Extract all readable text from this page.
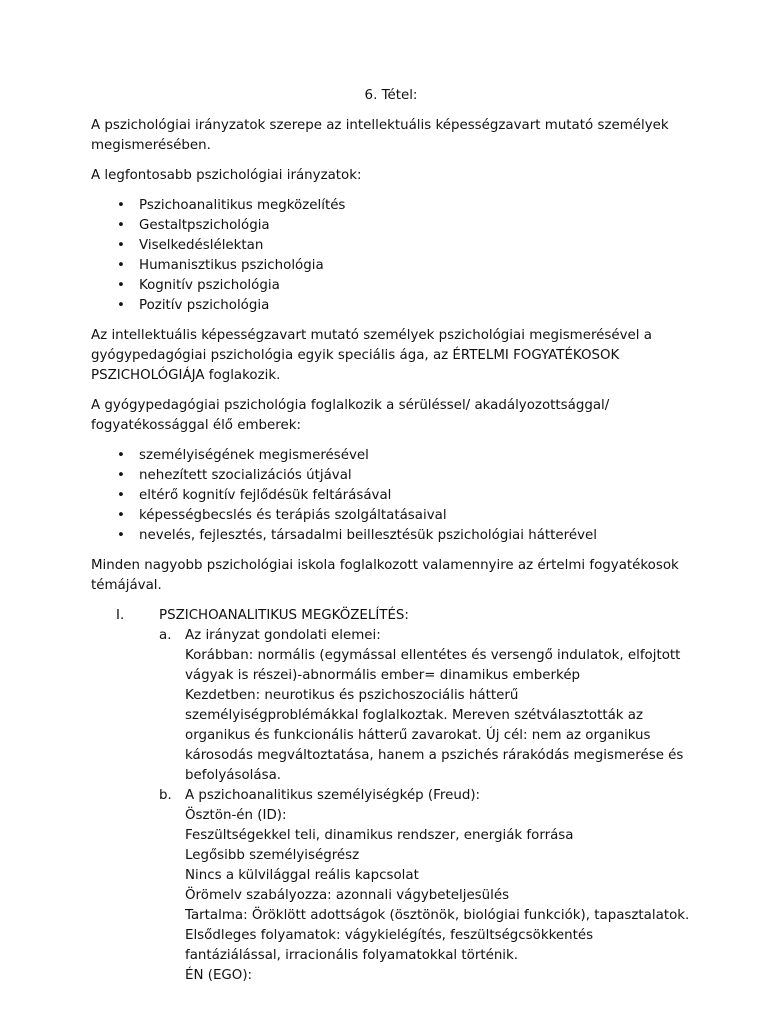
6. Tétel:

A pszichológiai irányzatok szerepe az intellektuális képességzavart mutató személyek megismerésében.

A legfontosabb pszichológiai irányzatok:

• Pszichoanalitikus megközelítés
• Gestaltpszichológia
• Viselkedéslélektan
• Humanisztikus pszichológia
• Kognitív pszichológia
• Pozitív pszichológia

Az intellektuális képességzavart mutató személyek pszichológiai megismerésével a gyógypedagógiai pszichológia egyik speciális ága, az ÉRTELMI FOGYATÉKOSOK PSZICHOLÓGIÁJA foglakozik.

A gyógypedagógiai pszichológia foglalkozik a sérüléssel/ akadályozottsággal/ fogyatékossággal élő emberek:

• személyiségének megismerésével
• nehezített szocializációs útjával
• eltérő kognitív fejlődésük feltárásával
• képességbecslés és terápiás szolgáltatásaival
• nevelés, fejlesztés, társadalmi beillesztésük pszichológiai hátterével

Minden nagyobb pszichológiai iskola foglalkozott valamennyire az értelmi fogyatékosok témájával.

I.	PSZICHOANALITIKUS MEGKÖZELÍTÉS:
a. Az irányzat gondolati elemei:
Korábban: normális (egymással ellentétes és versengő indulatok, elfojtott vágyak is részei)-abnormális ember= dinamikus emberkép
Kezdetben: neurotikus és pszichoszociális hátterű személyiségproblémákkal foglalkoztak. Mereven szétválasztották az organikus és funkcionális hátterű zavarokat. Új cél: nem az organikus károsodás megváltoztatása, hanem a pszichés rárakódás megismerése és befolyásolása.
b. A pszichoanalitikus személyiségkép (Freud):
Ösztön-én (ID):
Feszültségekkel teli, dinamikus rendszer, energiák forrása
Legősibb személyiségrész
Nincs a külvilággal reális kapcsolat
Örömelv szabályozza: azonnali vágybeteljesülés
Tartalma: Öröklött adottságok (ösztönök, biológiai funkciók), tapasztalatok.
Elsődleges folyamatok: vágykielégítés, feszültségcsökkentés fantáziálással, irracionális folyamatokkal történik.
ÉN (EGO):
